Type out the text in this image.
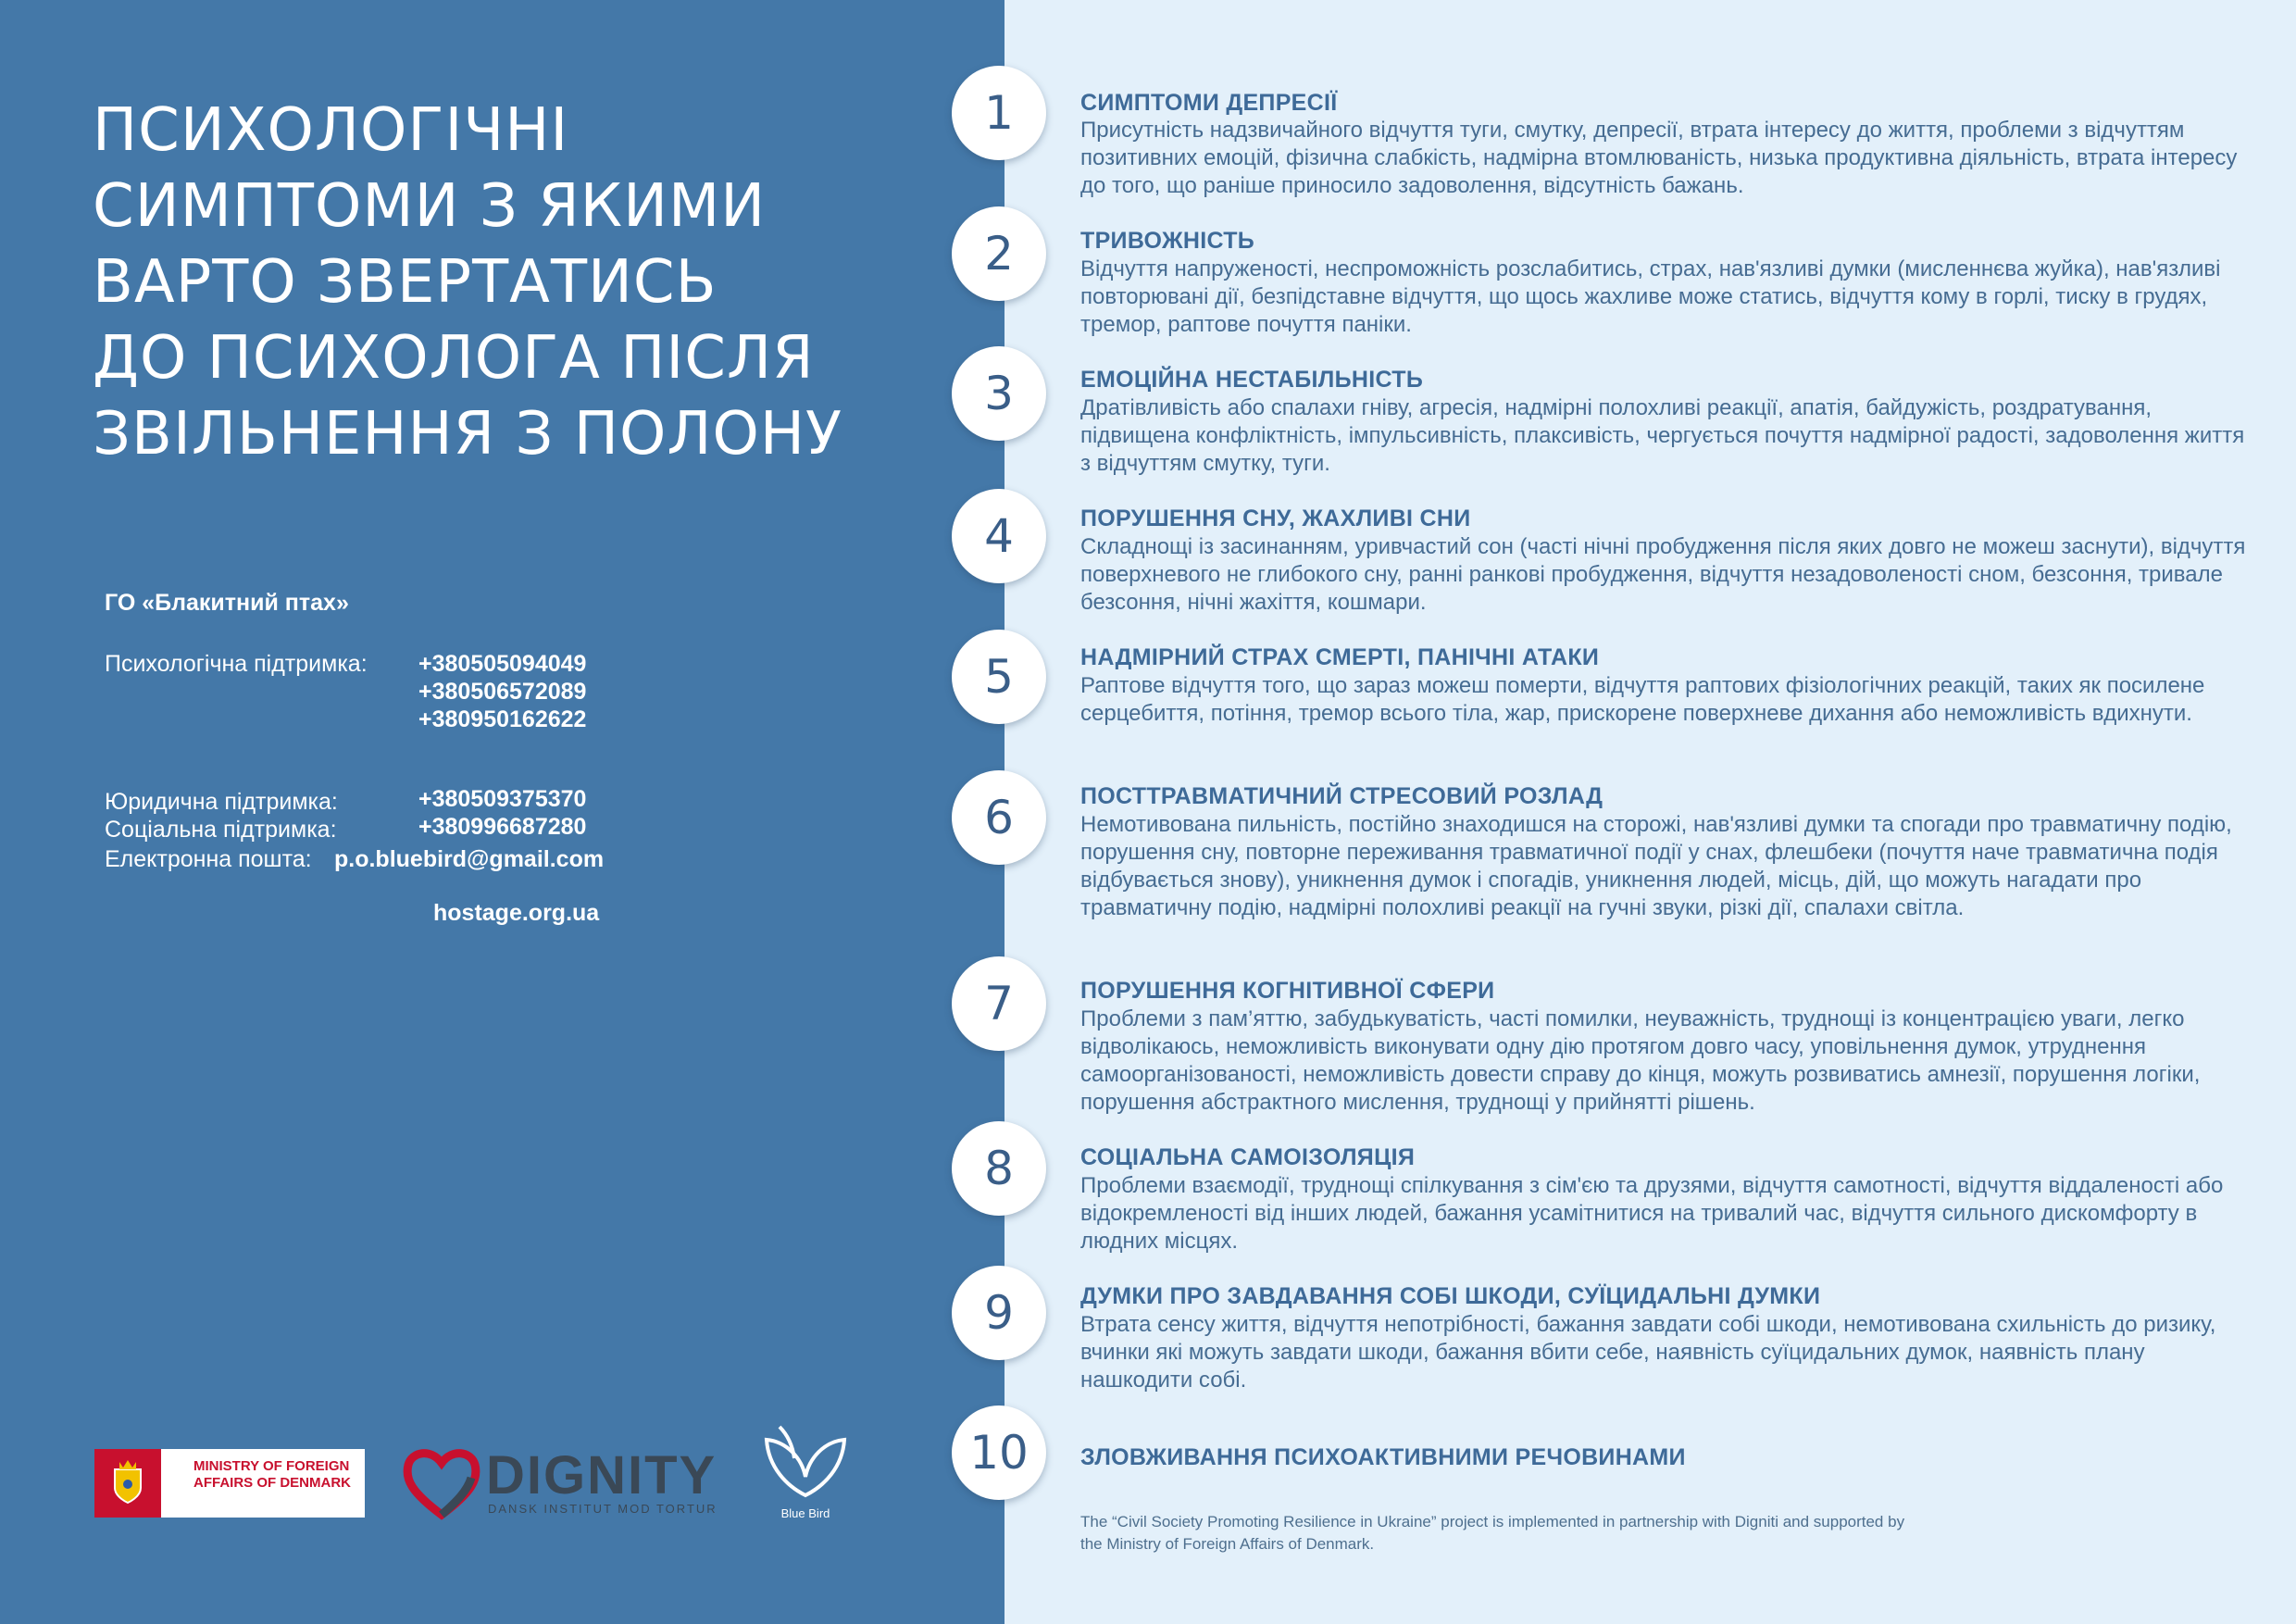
ПСИХОЛОГІЧНІ
СИМПТОМИ З ЯКИМИ
ВАРТО ЗВЕРТАТИСЬ
ДО ПСИХОЛОГА ПІСЛЯ
ЗВІЛЬНЕННЯ З ПОЛОНУ
ГО «Блакитний птах»
Психологічна підтримка: +380505094049
+380506572089
+380950162622
Юридична підтримка:	+380509375370
Соціальна підтримка:	+380996687280
Електронна пошта: p.o.bluebird@gmail.com
hostage.org.ua
MINISTRY OF FOREIGN AFFAIRS OF DENMARK	DIGNITY
DANSK INSTITUT MOD TORTUR	Blue Bird
1	СИМПТОМИ ДЕПРЕСІЇ
Присутність надзвичайного відчуття туги, смутку, депресії, втрата інтересу до життя, проблеми з відчуттям позитивних емоцій, фізична слабкість, надмірна втомлюваність, низька продуктивна діяльність, втрата інтересу до того, що раніше приносило задоволення, відсутність бажань.
2	ТРИВОЖНІСТЬ
Відчуття напруженості, неспроможність розслабитись, страх, нав'язливі думки (мисленнєва жуйка), нав'язливі повторювані дії, безпідставне відчуття, що щось жахливе може статись, відчуття кому в горлі, тиску в грудях, тремор, раптове почуття паніки.
3	ЕМОЦІЙНА НЕСТАБІЛЬНІСТЬ
Дратівливість або спалахи гніву, агресія, надмірні полохливі реакції, апатія, байдужість, роздратування, підвищена конфліктність, імпульсивність, плаксивість, чергується почуття надмірної радості, задоволення життя з відчуттям смутку, туги.
4	ПОРУШЕННЯ СНУ, ЖАХЛИВІ СНИ
Складнощі із засинанням, уривчастий сон (часті нічні пробудження після яких довго не можеш заснути), відчуття поверхневого не глибокого сну, ранні ранкові пробудження, відчуття незадоволеності сном, безсоння, тривале безсоння, нічні жахіття, кошмари.
5	НАДМІРНИЙ СТРАХ СМЕРТІ, ПАНІЧНІ АТАКИ
Раптове відчуття того, що зараз можеш померти, відчуття раптових фізіологічних реакцій, таких як посилене серцебиття, потіння, тремор всього тіла, жар, прискорене поверхневе дихання або неможливість вдихнути.
6	ПОСТТРАВМАТИЧНИЙ СТРЕСОВИЙ РОЗЛАД
Немотивована пильність, постійно знаходишся на сторожі, нав'язливі думки та спогади про травматичну подію, порушення сну, повторне переживання травматичної події у снах, флешбеки (почуття наче травматична подія відбувається знову), уникнення думок і спогадів, уникнення людей, місць, дій, що можуть нагадати про травматичну подію, надмірні полохливі реакції на гучні звуки, різкі дії, спалахи світла.
7	ПОРУШЕННЯ КОГНІТИВНОЇ СФЕРИ
Проблеми з пам’яттю, забудькуватість, часті помилки, неуважність, труднощі із концентрацією уваги, легко відволікаюсь, неможливість виконувати одну дію протягом довго часу, уповільнення думок, утруднення самоорганізованості, неможливість довести справу до кінця, можуть розвиватись амнезії, порушення логіки, порушення абстрактного мислення, труднощі у прийнятті рішень.
8	СОЦІАЛЬНА САМОІЗОЛЯЦІЯ
Проблеми взаємодії, труднощі спілкування з сім'єю та друзями, відчуття самотності, відчуття віддаленості або відокремленості від інших людей, бажання усамітнитися на тривалий час, відчуття сильного дискомфорту в людних місцях.
9	ДУМКИ ПРО ЗАВДАВАННЯ СОБІ ШКОДИ, СУЇЦИДАЛЬНІ ДУМКИ
Втрата сенсу життя, відчуття непотрібності, бажання завдати собі шкоди, немотивована схильність до ризику, вчинки які можуть завдати шкоди, бажання вбити себе, наявність суїцидальних думок, наявність плану нашкодити собі.
10	ЗЛОВЖИВАННЯ ПСИХОАКТИВНИМИ РЕЧОВИНАМИ
The “Civil Society Promoting Resilience in Ukraine” project is implemented in partnership with Digniti and supported by the Ministry of Foreign Affairs of Denmark.
